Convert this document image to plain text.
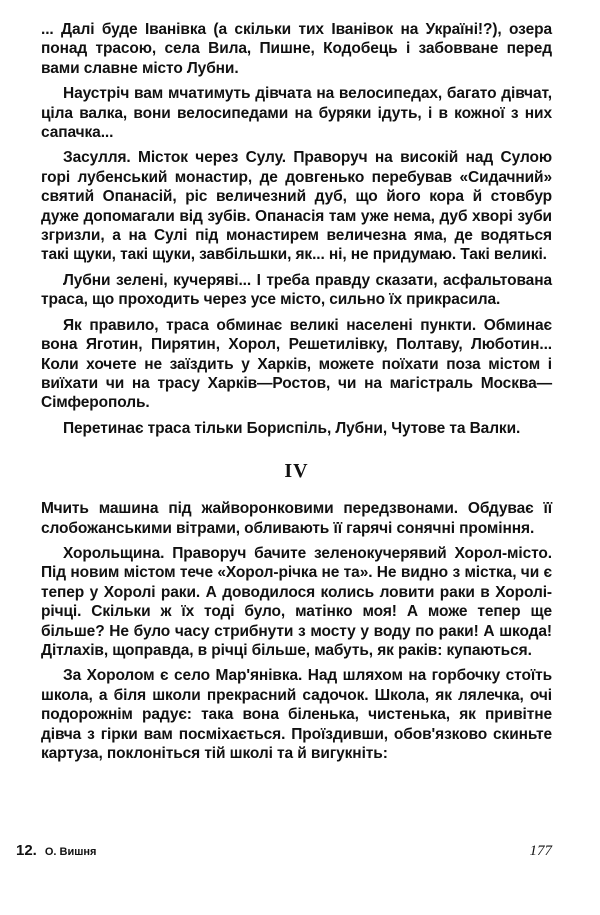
... Далі буде Іванівка (а скільки тих Іванівок на Україні!?), озера понад трасою, села Вила, Пишне, Кодобець і забовване перед вами славне місто Лубни.

Наустріч вам мчатимуть дівчата на велосипедах, багато дівчат, ціла валка, вони велосипедами на буряки ідуть, і в кожної з них сапачка...

Засулля. Місток через Сулу. Праворуч на високій над Сулою горі лубенський монастир, де довгенько перебував «Сидачний» святий Опанасій, ріс величезний дуб, що його кора й стовбур дуже допомагали від зубів. Опанасія там уже нема, дуб хворі зуби згризли, а на Сулі під монастирем величезна яма, де водяться такі щуки, такі щуки, завбільшки, як... ні, не придумаю. Такі великі.

Лубни зелені, кучеряві... І треба правду сказати, асфальтована траса, що проходить через усе місто, сильно їх прикрасила.

Як правило, траса обминає великі населені пункти. Обминає вона Яготин, Пирятин, Хорол, Решетилівку, Полтаву, Люботин... Коли хочете не заїздить у Харків, можете поїхати поза містом і виїхати чи на трасу Харків—Ростов, чи на магістраль Москва—Сімферополь.

Перетинає траса тільки Бориспіль, Лубни, Чутове та Валки.

IV

Мчить машина під жайворонковими передзвонами. Обдуває її слобожанськими вітрами, обливають її гарячі сонячні проміння.

Хорольщина. Праворуч бачите зеленокучерявий Хорол-місто. Під новим містом тече «Хорол-річка не та». Не видно з містка, чи є тепер у Хоролі раки. А доводилося колись ловити раки в Хоролі-річці. Скільки ж їх тоді було, матінко моя! А може тепер ще більше? Не було часу стрибнути з мосту у воду по раки! А шкода! Дітлахів, щоправда, в річці більше, мабуть, як раків: купаються.

За Хоролом є село Мар'янівка. Над шляхом на горбочку стоїть школа, а біля школи прекрасний садочок. Школа, як лялечка, очі подорожнім радує: така вона біленька, чистенька, як привітне дівча з гірки вам посміхається. Проїздивши, обов'язково скиньте картуза, поклоніться тій школі та й вигукніть:

12. О. Вишня	177
